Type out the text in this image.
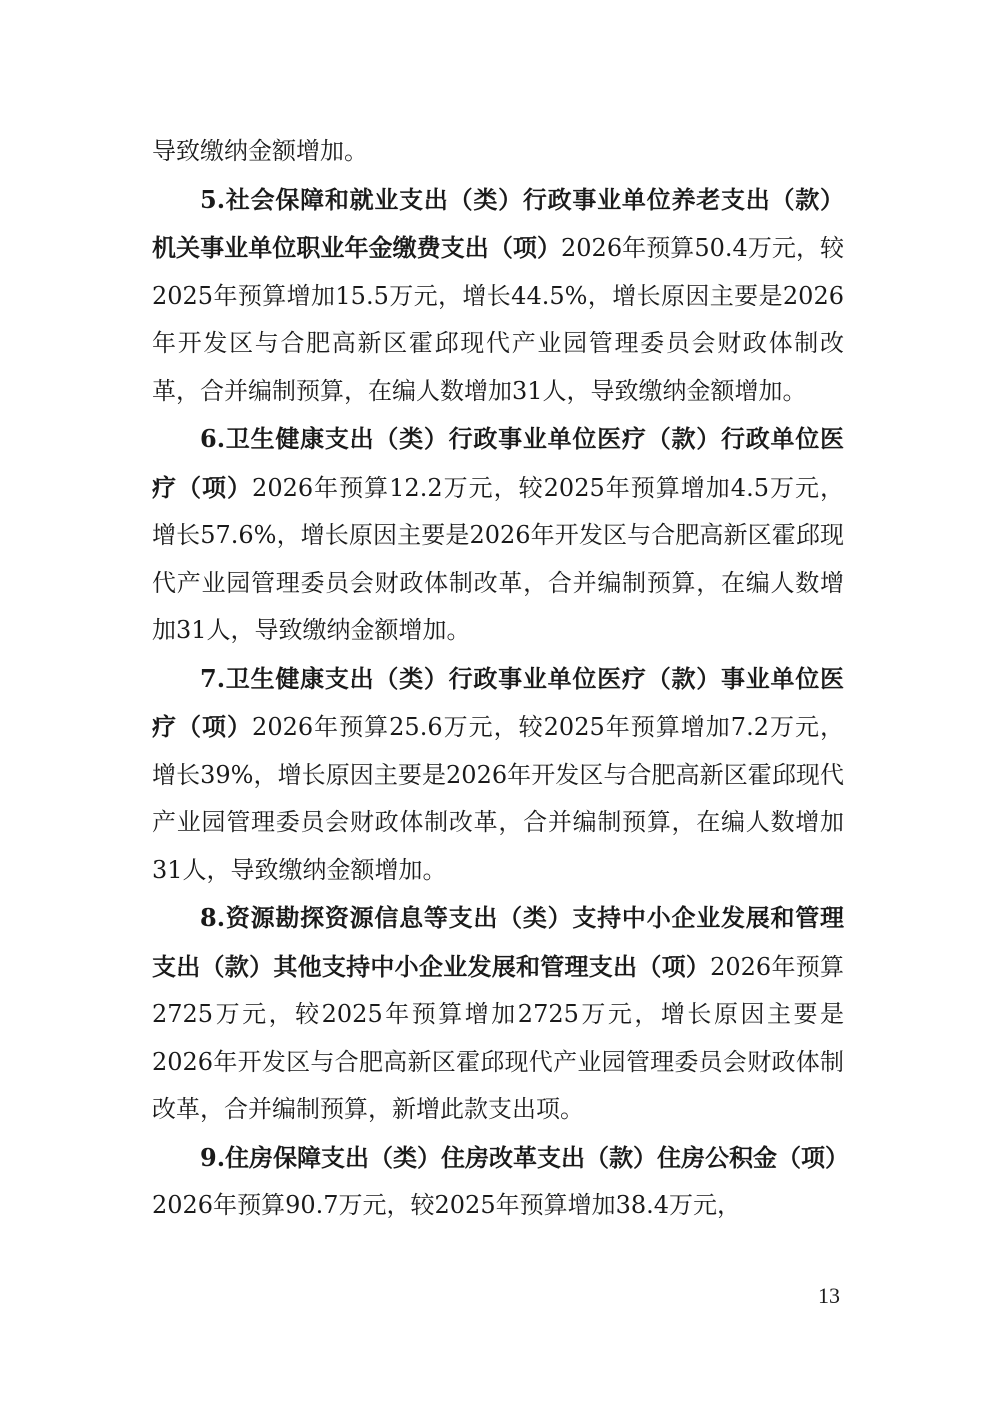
导致缴纳金额增加。

5.社会保障和就业支出（类）行政事业单位养老支出（款）机关事业单位职业年金缴费支出（项）2026年预算50.4万元，较2025年预算增加15.5万元，增长44.5%，增长原因主要是2026年开发区与合肥高新区霍邱现代产业园管理委员会财政体制改革，合并编制预算，在编人数增加31人，导致缴纳金额增加。

6.卫生健康支出（类）行政事业单位医疗（款）行政单位医疗（项）2026年预算12.2万元，较2025年预算增加4.5万元，增长57.6%，增长原因主要是2026年开发区与合肥高新区霍邱现代产业园管理委员会财政体制改革，合并编制预算，在编人数增加31人，导致缴纳金额增加。

7.卫生健康支出（类）行政事业单位医疗（款）事业单位医疗（项）2026年预算25.6万元，较2025年预算增加7.2万元，增长39%，增长原因主要是2026年开发区与合肥高新区霍邱现代产业园管理委员会财政体制改革，合并编制预算，在编人数增加31人，导致缴纳金额增加。

8.资源勘探资源信息等支出（类）支持中小企业发展和管理支出（款）其他支持中小企业发展和管理支出（项）2026年预算2725万元，较2025年预算增加2725万元，增长原因主要是2026年开发区与合肥高新区霍邱现代产业园管理委员会财政体制改革，合并编制预算，新增此款支出项。

9.住房保障支出（类）住房改革支出（款）住房公积金（项）2026年预算90.7万元，较2025年预算增加38.4万元，

13
